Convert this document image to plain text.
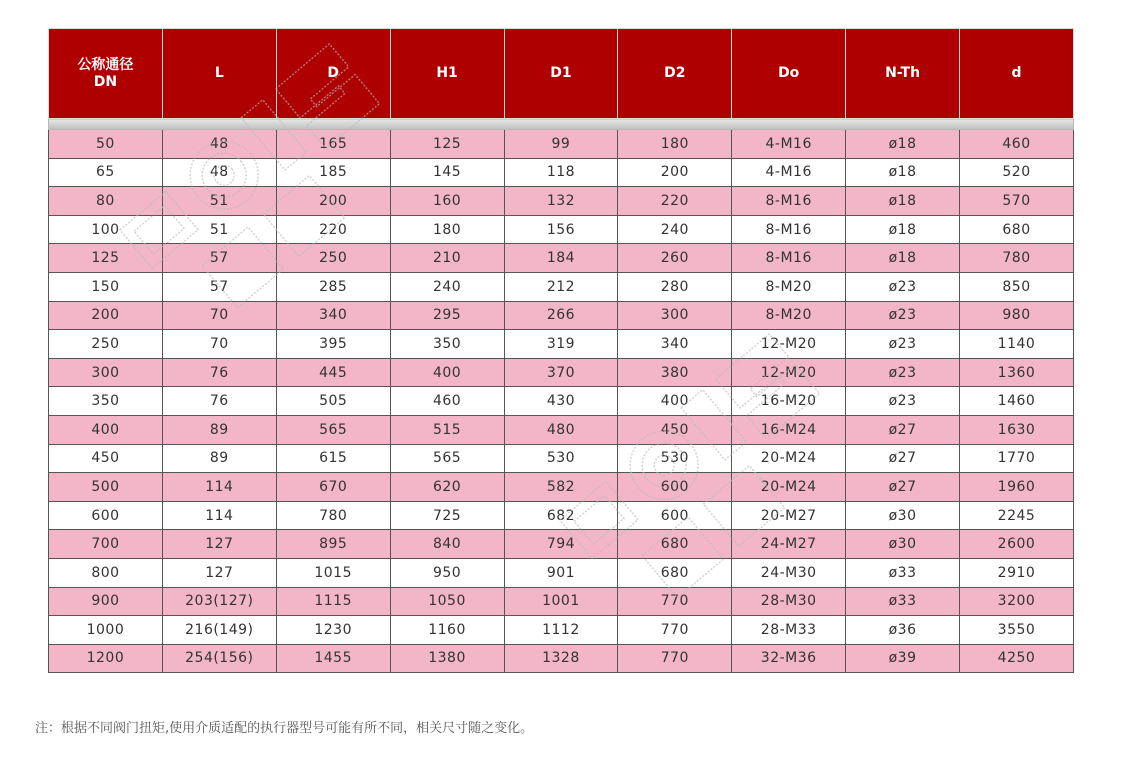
公称通径
DN	L	D	H1	D1	D2	Do	N-Th	d

50	48	165	125	99	180	4-M16	ø18	460
65	48	185	145	118	200	4-M16	ø18	520
80	51	200	160	132	220	8-M16	ø18	570
100	51	220	180	156	240	8-M16	ø18	680
125	57	250	210	184	260	8-M16	ø18	780
150	57	285	240	212	280	8-M20	ø23	850
200	70	340	295	266	300	8-M20	ø23	980
250	70	395	350	319	340	12-M20	ø23	1140
300	76	445	400	370	380	12-M20	ø23	1360
350	76	505	460	430	400	16-M20	ø23	1460
400	89	565	515	480	450	16-M24	ø27	1630
450	89	615	565	530	530	20-M24	ø27	1770
500	114	670	620	582	600	20-M24	ø27	1960
600	114	780	725	682	600	20-M27	ø30	2245
700	127	895	840	794	680	24-M27	ø30	2600
800	127	1015	950	901	680	24-M30	ø33	2910
900	203(127)	1115	1050	1001	770	28-M30	ø33	3200
1000	216(149)	1230	1160	1112	770	28-M33	ø36	3550
1200	254(156)	1455	1380	1328	770	32-M36	ø39	4250
注：根据不同阀门扭矩,使用介质适配的执行器型号可能有所不同，相关尺寸随之变化。
